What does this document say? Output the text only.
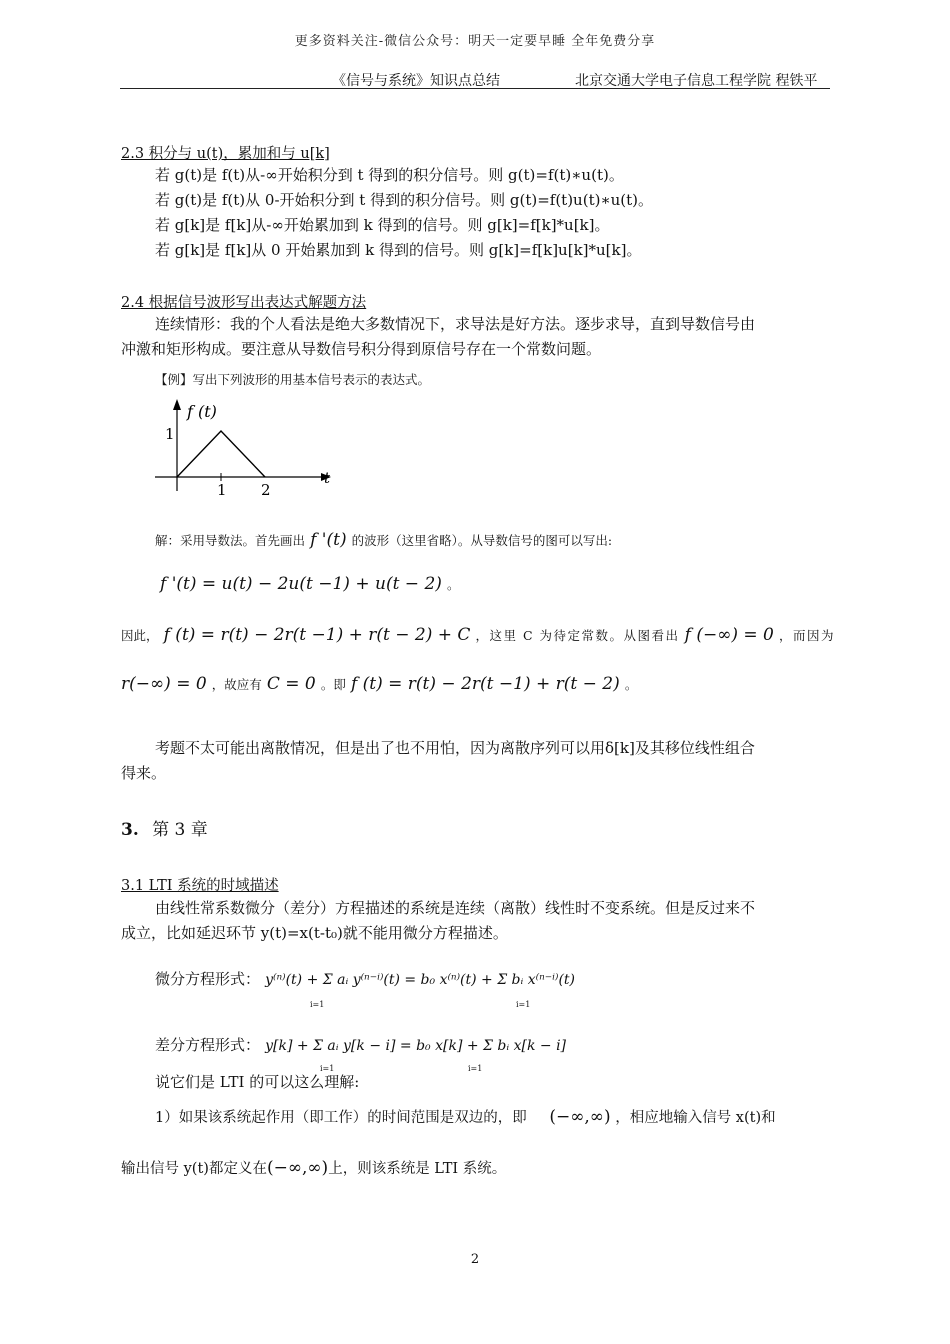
更多资料关注-微信公众号：明天一定要早睡 全年免费分享
《信号与系统》知识点总结	北京交通大学电子信息工程学院 程铁平
2.3 积分与 u(t)，累加和与 u[k]
若 g(t)是 f(t)从-∞开始积分到 t 得到的积分信号。则 g(t)=f(t)∗u(t)。
若 g(t)是 f(t)从 0-开始积分到 t 得到的积分信号。则 g(t)=f(t)u(t)∗u(t)。
若 g[k]是 f[k]从-∞开始累加到 k 得到的信号。则 g[k]=f[k]*u[k]。
若 g[k]是 f[k]从 0 开始累加到 k 得到的信号。则 g[k]=f[k]u[k]*u[k]。
2.4 根据信号波形写出表达式解题方法
连续情形：我的个人看法是绝大多数情况下，求导法是好方法。逐步求导，直到导数信号由
冲激和矩形构成。要注意从导数信号积分得到原信号存在一个常数问题。
【例】写出下列波形的用基本信号表示的表达式。
f (t)
1
1 2
t
解：采用导数法。首先画出 f '(t) 的波形（这里省略）。从导数信号的图可以写出:
f '(t) = u(t) − 2u(t −1) + u(t − 2) 。
因此， f (t) = r(t) − 2r(t −1) + r(t − 2) + C ，这里 C 为待定常数。从图看出 f (−∞) = 0 ，而因为
r(−∞) = 0 ，故应有 C = 0 。即 f (t) = r(t) − 2r(t −1) + r(t − 2) 。
考题不太可能出离散情况，但是出了也不用怕，因为离散序列可以用δ[k]及其移位线性组合
得来。
3. 第 3 章
3.1 LTI 系统的时域描述
由线性常系数微分（差分）方程描述的系统是连续（离散）线性时不变系统。但是反过来不
成立，比如延迟环节 y(t)=x(t-t₀)就不能用微分方程描述。
微分方程形式： y⁽ⁿ⁾(t) + Σ aᵢ y⁽ⁿ⁻ⁱ⁾(t) = b₀ x⁽ⁿ⁾(t) + Σ bᵢ x⁽ⁿ⁻ⁱ⁾(t)
i=1	i=1
差分方程形式： y[k] + Σ aᵢ y[k − i] = b₀ x[k] + Σ bᵢ x[k − i]
i=1	i=1
说它们是 LTI 的可以这么理解:
1）如果该系统起作用（即工作）的时间范围是双边的，即 (−∞,∞) ，相应地输入信号 x(t)和
输出信号 y(t)都定义在(−∞,∞)上，则该系统是 LTI 系统。
2
